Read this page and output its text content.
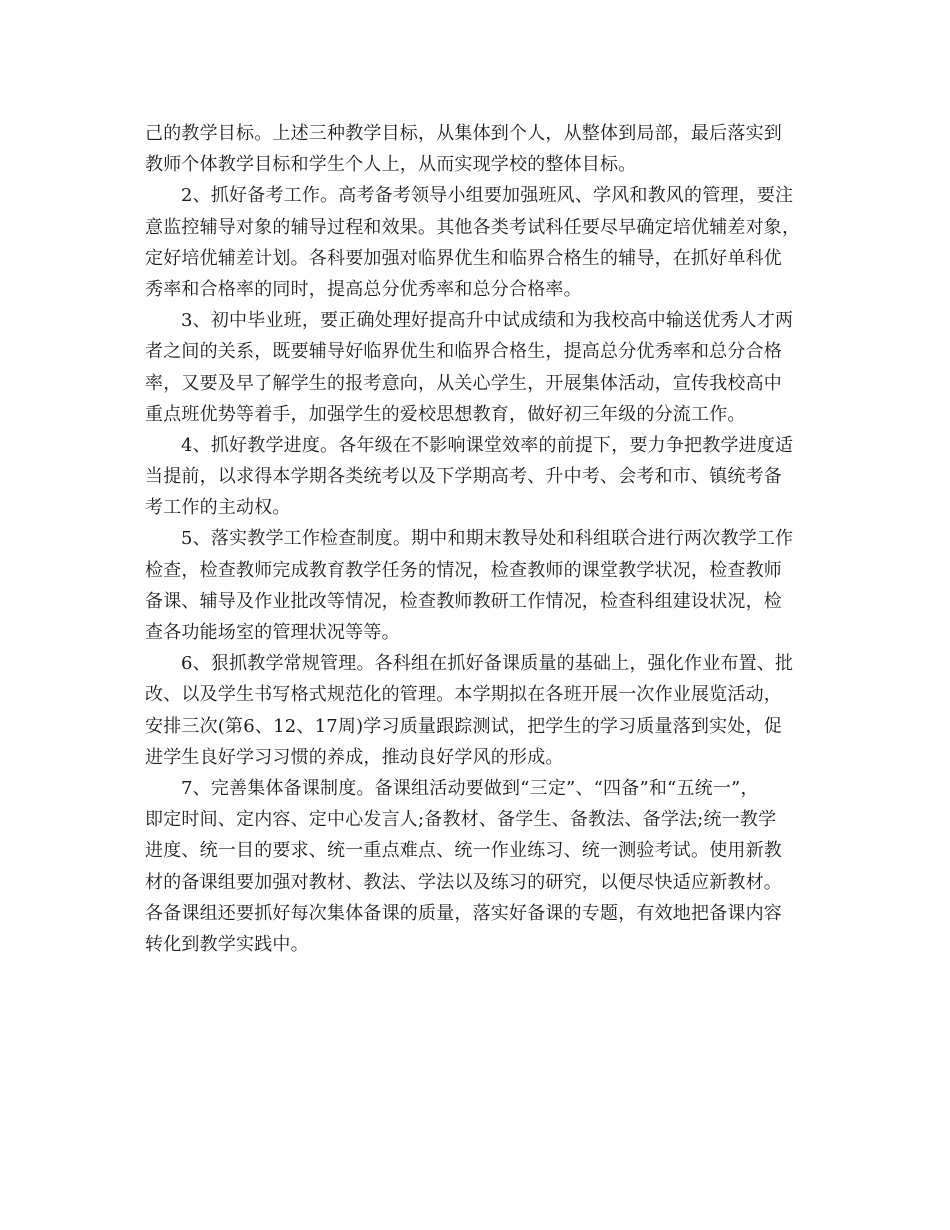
己的教学目标。上述三种教学目标，从集体到个人，从整体到局部，最后落实到
教师个体教学目标和学生个人上，从而实现学校的整体目标。
2、抓好备考工作。高考备考领导小组要加强班风、学风和教风的管理，要注
意监控辅导对象的辅导过程和效果。其他各类考试科任要尽早确定培优辅差对象，
定好培优辅差计划。各科要加强对临界优生和临界合格生的辅导，在抓好单科优
秀率和合格率的同时，提高总分优秀率和总分合格率。
3、初中毕业班，要正确处理好提高升中试成绩和为我校高中输送优秀人才两
者之间的关系，既要辅导好临界优生和临界合格生，提高总分优秀率和总分合格
率，又要及早了解学生的报考意向，从关心学生，开展集体活动，宣传我校高中
重点班优势等着手，加强学生的爱校思想教育，做好初三年级的分流工作。
4、抓好教学进度。各年级在不影响课堂效率的前提下，要力争把教学进度适
当提前，以求得本学期各类统考以及下学期高考、升中考、会考和市、镇统考备
考工作的主动权。
5、落实教学工作检查制度。期中和期末教导处和科组联合进行两次教学工作
检查，检查教师完成教育教学任务的情况，检查教师的课堂教学状况，检查教师
备课、辅导及作业批改等情况，检查教师教研工作情况，检查科组建设状况，检
查各功能场室的管理状况等等。
6、狠抓教学常规管理。各科组在抓好备课质量的基础上，强化作业布置、批
改、以及学生书写格式规范化的管理。本学期拟在各班开展一次作业展览活动，
安排三次(第6、12、17周)学习质量跟踪测试，把学生的学习质量落到实处，促
进学生良好学习习惯的养成，推动良好学风的形成。
7、完善集体备课制度。备课组活动要做到“三定”、“四备”和“五统一”，
即定时间、定内容、定中心发言人;备教材、备学生、备教法、备学法;统一教学
进度、统一目的要求、统一重点难点、统一作业练习、统一测验考试。使用新教
材的备课组要加强对教材、教法、学法以及练习的研究，以便尽快适应新教材。
各备课组还要抓好每次集体备课的质量，落实好备课的专题，有效地把备课内容
转化到教学实践中。
